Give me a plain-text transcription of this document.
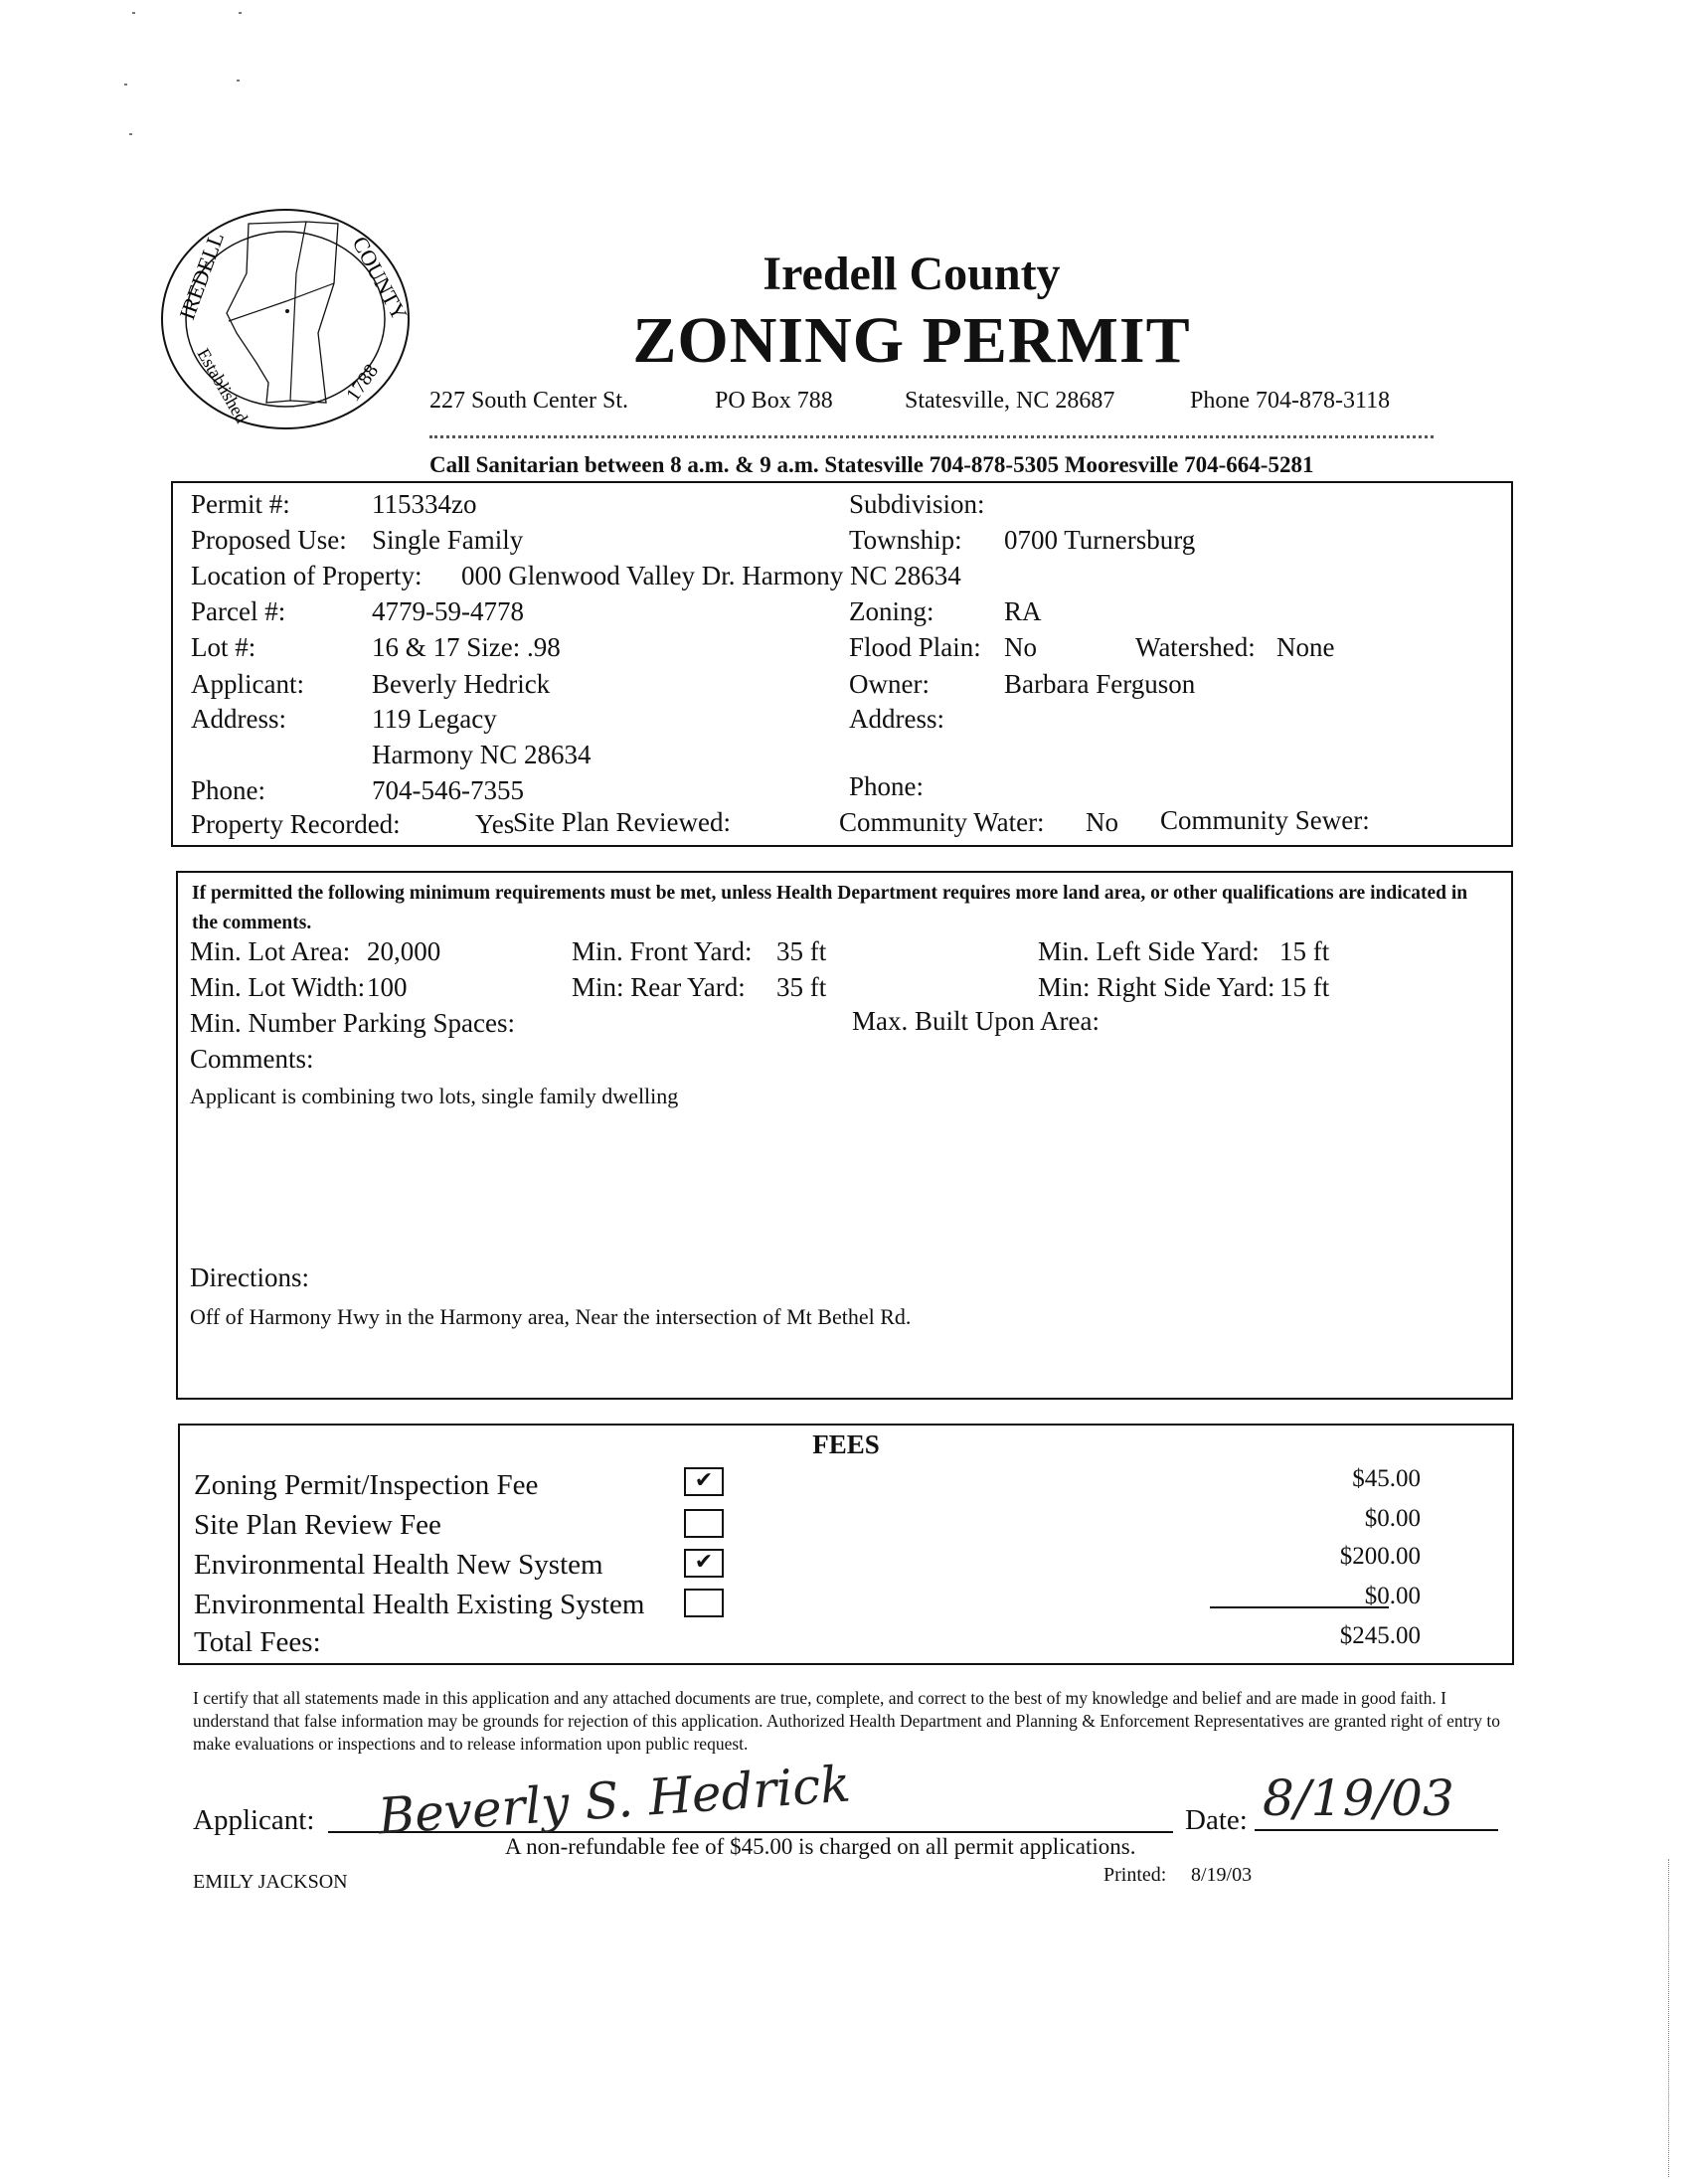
IREDELL	COUNTY
Established	1788
Iredell County
ZONING PERMIT
227 South Center St.	PO Box 788	Statesville, NC 28687	Phone 704-878-3118
Call Sanitarian between 8 a.m. & 9 a.m. Statesville 704-878-5305 Mooresville 704-664-5281
Permit #:	115334zo	Subdivision:
Proposed Use: Single Family	Township: 0700 Turnersburg
Location of Property: 000 Glenwood Valley Dr. Harmony NC 28634
Parcel #:	4779-59-4778	Zoning:	RA
Lot #:	16 & 17 Size: .98	Flood Plain: No	Watershed: None
Applicant:	Beverly Hedrick	Owner:	Barbara Ferguson
Address:	119 Legacy	Address:
Harmony NC 28634
Phone:	704-546-7355	Phone:
Property Recorded:	Yes
Site Plan Reviewed:	Community Water: No Community Sewer:
If permitted the following minimum requirements must be met, unless Health Department requires more land area, or other qualifications are indicated in the comments.
Min. Lot Area: 20,000	Min. Front Yard: 35 ft	Min. Left Side Yard: 15 ft
Min. Lot Width: 100	Min: Rear Yard: 35 ft	Min: Right Side Yard: 15 ft
Min. Number Parking Spaces:	Max. Built Upon Area:
Comments:
Applicant is combining two lots, single family dwelling
Directions:
Off of Harmony Hwy in the Harmony area, Near the intersection of Mt Bethel Rd.
FEES
Zoning Permit/Inspection Fee	✔	$45.00
Site Plan Review Fee	$0.00
Environmental Health New System	✔	$200.00
Environmental Health Existing System	$0.00
Total Fees:	$245.00
I certify that all statements made in this application and any attached documents are true, complete, and correct to the best of my knowledge and belief and are made in good faith. I understand that false information may be grounds for rejection of this application. Authorized Health Department and Planning & Enforcement Representatives are granted right of entry to make evaluations or inspections and to release information upon public request.
Applicant: Beverly S. Hedrick	Date: 8/19/03
A non-refundable fee of $45.00 is charged on all permit applications.
EMILY JACKSON	Printed: 8/19/03
